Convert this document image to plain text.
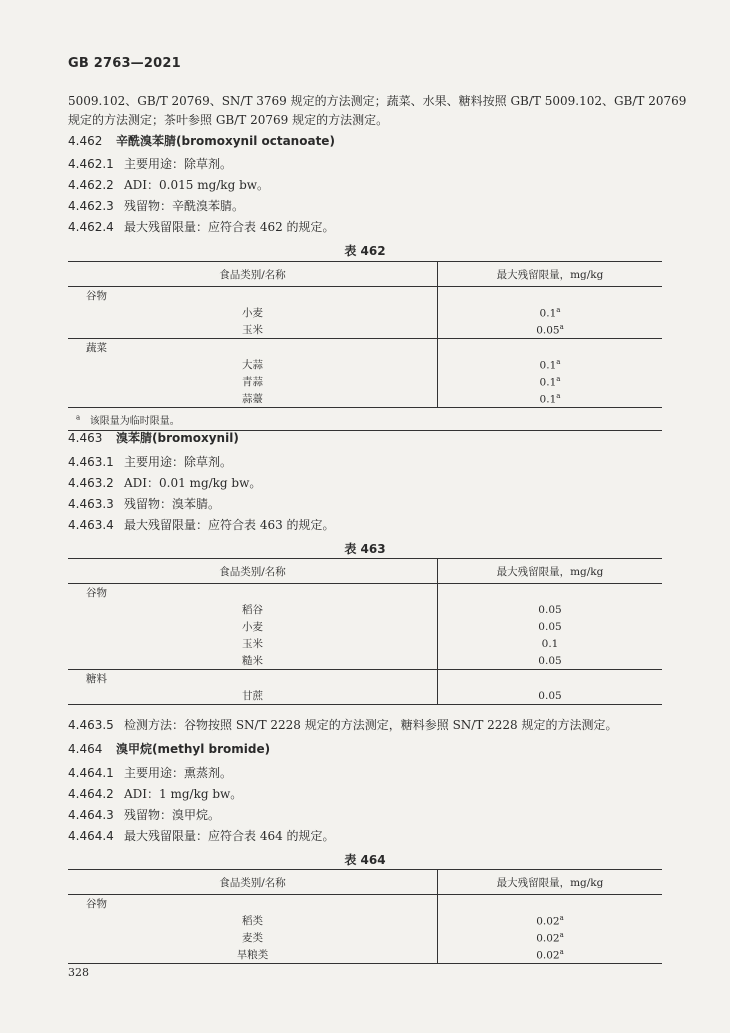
GB 2763—2021
5009.102、GB/T 20769、SN/T 3769 规定的方法测定；蔬菜、水果、糖料按照 GB/T 5009.102、GB/T 20769
规定的方法测定；茶叶参照 GB/T 20769 规定的方法测定。
4.462 辛酰溴苯腈(bromoxynil octanoate)
4.462.1 主要用途：除草剂。
4.462.2 ADI：0.015 mg/kg bw。
4.462.3 残留物：辛酰溴苯腈。
4.462.4 最大残留限量：应符合表 462 的规定。
表 462
食品类别/名称	最大残留限量，mg/kg
谷物	
小麦	0.1$^a$
玉米	0.05$^a$
蔬菜	
大蒜	0.1$^a$
青蒜	0.1$^a$
蒜薹	0.1$^a$
$^a$ 该限量为临时限量。	
4.463 溴苯腈(bromoxynil)
4.463.1 主要用途：除草剂。
4.463.2 ADI：0.01 mg/kg bw。
4.463.3 残留物：溴苯腈。
4.463.4 最大残留限量：应符合表 463 的规定。
表 463
食品类别/名称	最大残留限量，mg/kg
谷物	
稻谷	0.05
小麦	0.05
玉米	0.1
糙米	0.05
糖料	
甘蔗	0.05
4.463.5 检测方法：谷物按照 SN/T 2228 规定的方法测定，糖料参照 SN/T 2228 规定的方法测定。
4.464 溴甲烷(methyl bromide)
4.464.1 主要用途：熏蒸剂。
4.464.2 ADI：1 mg/kg bw。
4.464.3 残留物：溴甲烷。
4.464.4 最大残留限量：应符合表 464 的规定。
表 464
食品类别/名称	最大残留限量，mg/kg
谷物	
稻类	0.02$^a$
麦类	0.02$^a$
旱粮类	0.02$^a$
328
